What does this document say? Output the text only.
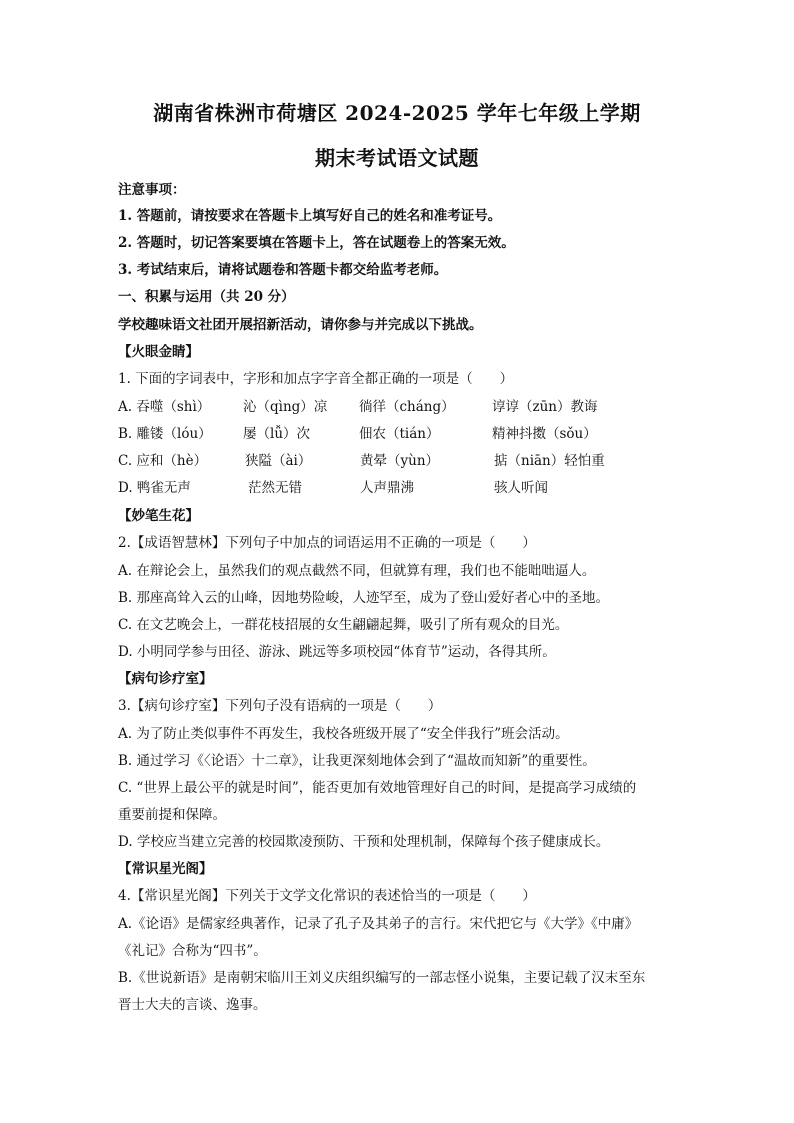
湖南省株洲市荷塘区 2024-2025 学年七年级上学期
期末考试语文试题
注意事项：
1. 答题前，请按要求在答题卡上填写好自己的姓名和准考证号。
2. 答题时，切记答案要填在答题卡上，答在试题卷上的答案无效。
3. 考试结束后，请将试题卷和答题卡都交给监考老师。
一、积累与运用（共 20 分）
学校趣味语文社团开展招新活动，请你参与并完成以下挑战。
【火眼金睛】
1. 下面的字词表中，字形和加点字字音全都正确的一项是（　　）
A. 吞噬（shì） 沁（qìng）凉 徜徉（cháng）	谆谆（zūn）教诲
B. 雕镂（lóu） 屡（lǚ）次	佃农（tián）	精神抖擞（sǒu）
C. 应和（hè）	狭隘（ài）	黄晕（yùn）	掂（niān）轻怕重
D. 鸭雀无声	茫然无错	人声鼎沸	骇人听闻
【妙笔生花】
2.【成语智慧林】下列句子中加点的词语运用不正确的一项是（　　）
A. 在辩论会上，虽然我们的观点截然不同，但就算有理，我们也不能咄咄逼人。
B. 那座高耸入云的山峰，因地势险峻，人迹罕至，成为了登山爱好者心中的圣地。
C. 在文艺晚会上，一群花枝招展的女生翩翩起舞，吸引了所有观众的目光。
D. 小明同学参与田径、游泳、跳远等多项校园“体育节”运动，各得其所。
【病句诊疗室】
3.【病句诊疗室】下列句子没有语病的一项是（　　）
A. 为了防止类似事件不再发生，我校各班级开展了“安全伴我行”班会活动。
B. 通过学习《〈论语〉十二章》，让我更深刻地体会到了“温故而知新”的重要性。
C. “世界上最公平的就是时间”，能否更加有效地管理好自己的时间，是提高学习成绩的
重要前提和保障。
D. 学校应当建立完善的校园欺凌预防、干预和处理机制，保障每个孩子健康成长。
【常识星光阁】
4.【常识星光阁】下列关于文学文化常识的表述恰当的一项是（　　）
A.《论语》是儒家经典著作，记录了孔子及其弟子的言行。宋代把它与《大学》《中庸》
《礼记》合称为“四书”。
B.《世说新语》是南朝宋临川王刘义庆组织编写的一部志怪小说集，主要记载了汉末至东
晋士大夫的言谈、逸事。
